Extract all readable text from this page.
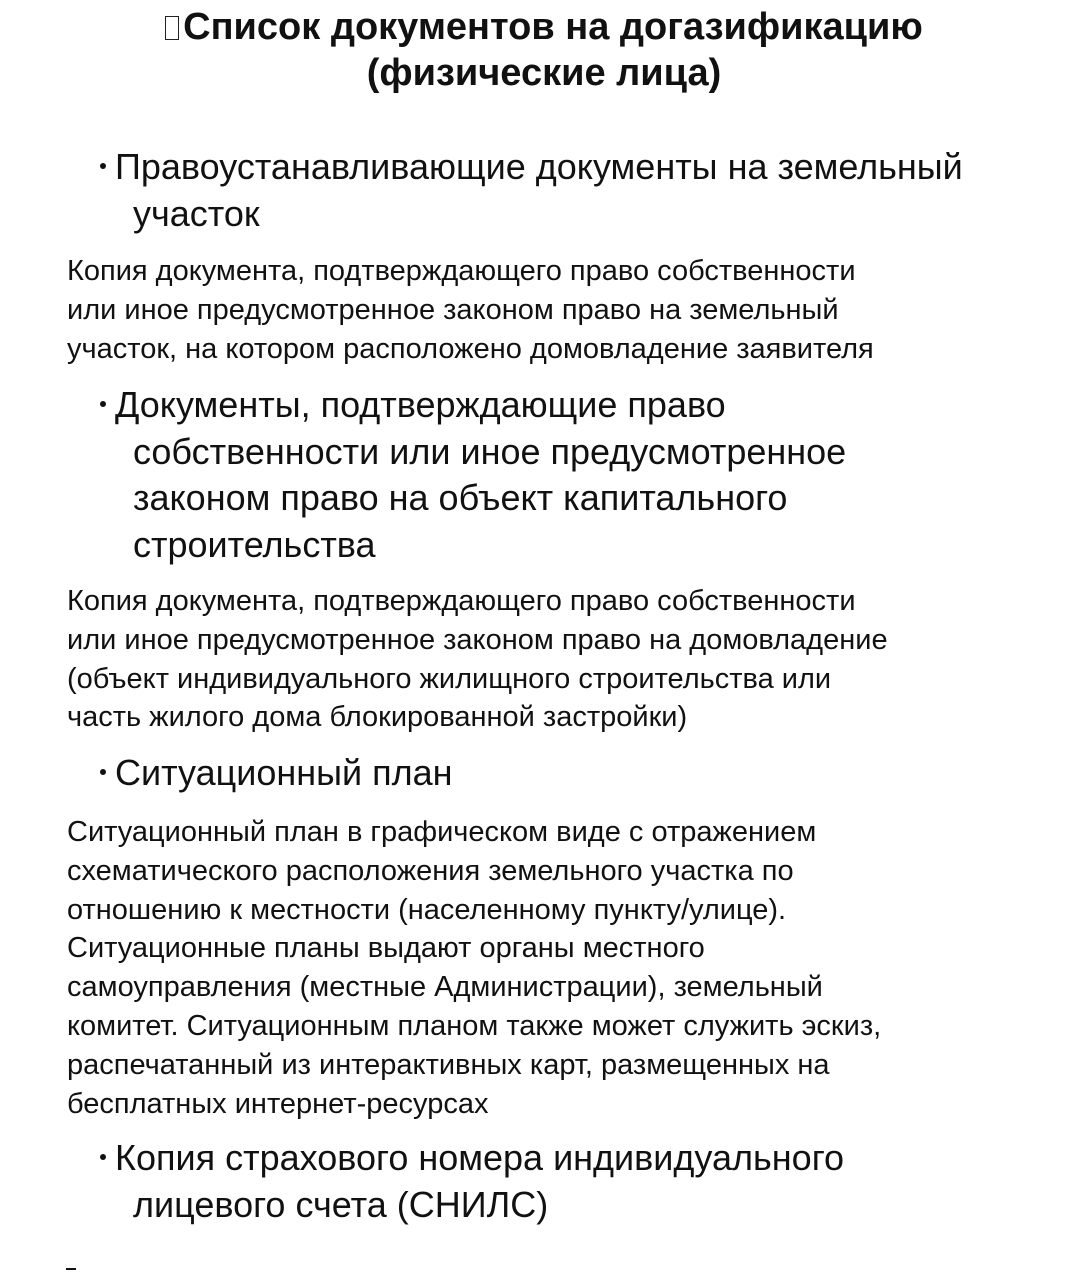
Список документов на догазификацию
(физические лица)
Правоустанавливающие документы на земельный
участок
Копия документа, подтверждающего право собственности
или иное предусмотренное законом право на земельный
участок, на котором расположено домовладение заявителя
Документы, подтверждающие право
собственности или иное предусмотренное
законом право на объект капитального
строительства
Копия документа, подтверждающего право собственности
или иное предусмотренное законом право на домовладение
(объект индивидуального жилищного строительства или
часть жилого дома блокированной застройки)
Ситуационный план
Ситуационный план в графическом виде с отражением
схематического расположения земельного участка по
отношению к местности (населенному пункту/улице).
Ситуационные планы выдают органы местного
самоуправления (местные Администрации), земельный
комитет. Ситуационным планом также может служить эскиз,
распечатанный из интерактивных карт, размещенных на
бесплатных интернет-ресурсах
Копия страхового номера индивидуального
лицевого счета (СНИЛС)
